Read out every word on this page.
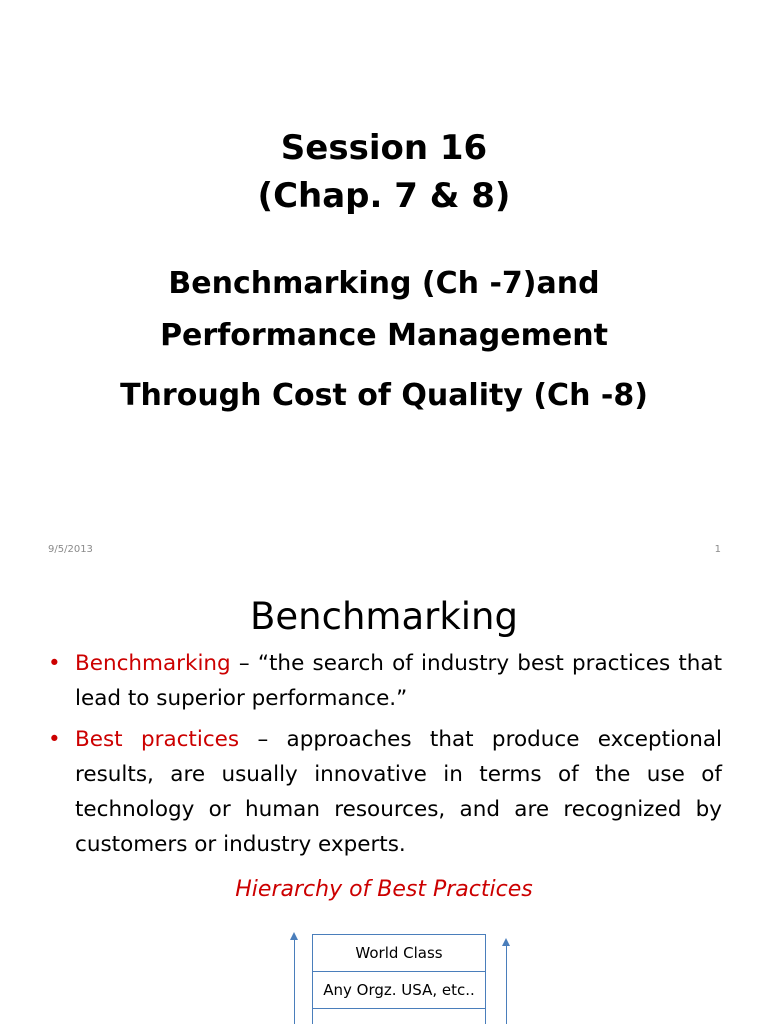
Session 16
(Chap. 7 & 8)
Benchmarking (Ch -7)and
Performance Management
Through Cost of Quality (Ch -8)
9/5/2013	1
Benchmarking
• Benchmarking – “the search of industry best practices that lead to superior performance.”
• Best practices – approaches that produce exceptional results, are usually innovative in terms of the use of technology or human resources, and are recognized by customers or industry experts.
Hierarchy of Best Practices
World Class
Any Orgz. USA, etc..
